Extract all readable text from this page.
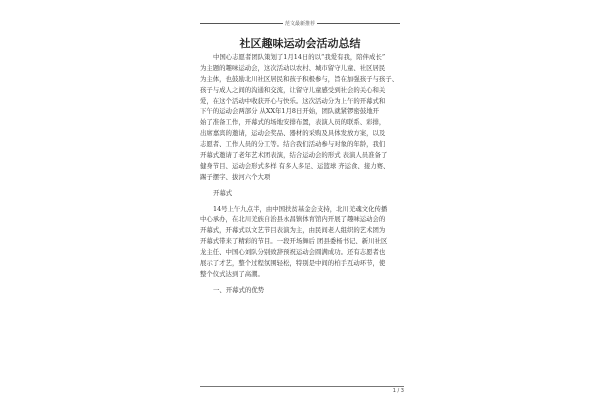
范文最新推荐
社区趣味运动会活动总结
中国心志愿者团队策划了1月14日的以“我爱有我，陪伴成长”
为主题的趣味运动会，这次活动以农村、城市留守儿童、社区居民
为主体，也鼓励北川社区居民和孩子积极参与，旨在加强孩子与孩子、
孩子与成人之间的沟通和交流，让留守儿童感受到社会的关心和关
爱，在这个活动中收获开心与快乐。这次活动分为上午的开幕式和
下午的运动会两部分 从XX年1月8日开始，团队就紧锣密鼓地开
始了准备工作，开幕式的场地安排布置，表演人员的联系、彩排，
出席嘉宾的邀请，运动会奖品、器材的采购及具体发放方案，以及
志愿者、工作人员的分工等。结合我们活动参与对象的年龄，我们
开幕式邀请了老年艺术团表演，结合运动会的形式 表演人员准备了
健身节目、运动会形式多样 有多人多足、运篮球 齐运食、接力赛、
踢子摆字、拔河六个大项
开幕式
14号上午九点半，由中国扶贫基金会支持，北川羌魂文化传播
中心承办，在北川羌族自治县永昌镇体育馆内开展了趣味运动会的
开幕式，开幕式以文艺节目表演为主，由民间老人组织的艺术团为
开幕式带来了精彩的节目。一段开场舞后 团县委杨书记、新川社区
龙主任、中国心刘队分别致辞预祝运动会圆满成功。还有志愿者也
展示了才艺，整个过程氛围轻松，特别是中间的柏手互动环节，使
整个仪式达到了高潮。
一、开幕式的优势
1 / 3
